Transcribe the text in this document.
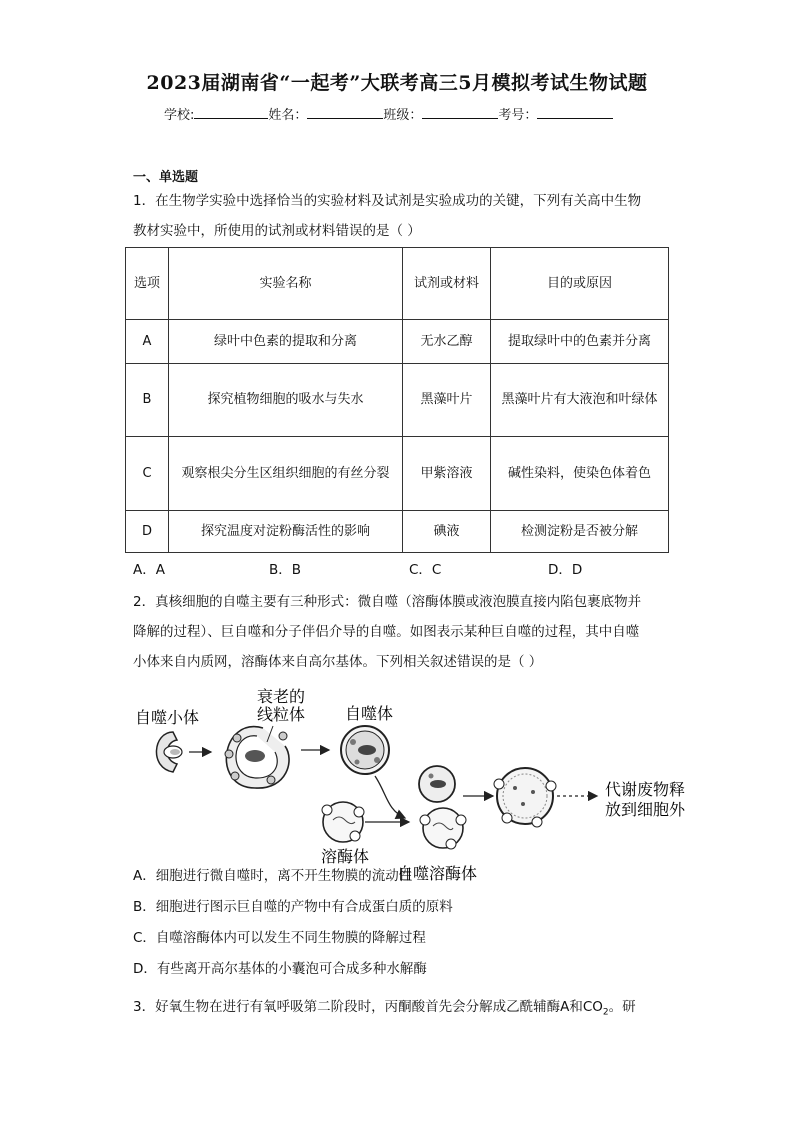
2023届湖南省“一起考”大联考高三5月模拟考试生物试题
学校:	姓名：	班级：	考号：
一、单选题
1．在生物学实验中选择恰当的实验材料及试剂是实验成功的关键，下列有关高中生物
教材实验中，所使用的试剂或材料错误的是（ ）
选项	实验名称	试剂或材料	目的或原因
A	绿叶中色素的提取和分离	无水乙醇	提取绿叶中的色素并分离
B	探究植物细胞的吸水与失水	黑藻叶片	黑藻叶片有大液泡和叶绿体
C	观察根尖分生区组织细胞的有丝分裂	甲紫溶液	碱性染料，使染色体着色
D	探究温度对淀粉酶活性的影响	碘液	检测淀粉是否被分解
A．A	B．B	C．C	D．D
2．真核细胞的自噬主要有三种形式：微自噬（溶酶体膜或液泡膜直接内陷包裹底物并
降解的过程）、巨自噬和分子伴侣介导的自噬。如图表示某种巨自噬的过程，其中自噬
小体来自内质网，溶酶体来自高尔基体。下列相关叙述错误的是（ ）
自噬小体
衰老的
线粒体 自噬体
溶酶体
自噬溶酶体
代谢废物释
放到细胞外
A．细胞进行微自噬时，离不开生物膜的流动性
B．细胞进行图示巨自噬的产物中有合成蛋白质的原料
C．自噬溶酶体内可以发生不同生物膜的降解过程
D．有些离开高尔基体的小囊泡可合成多种水解酶
3．好氧生物在进行有氧呼吸第二阶段时，丙酮酸首先会分解成乙酰辅酶A和$CO_2$。研
